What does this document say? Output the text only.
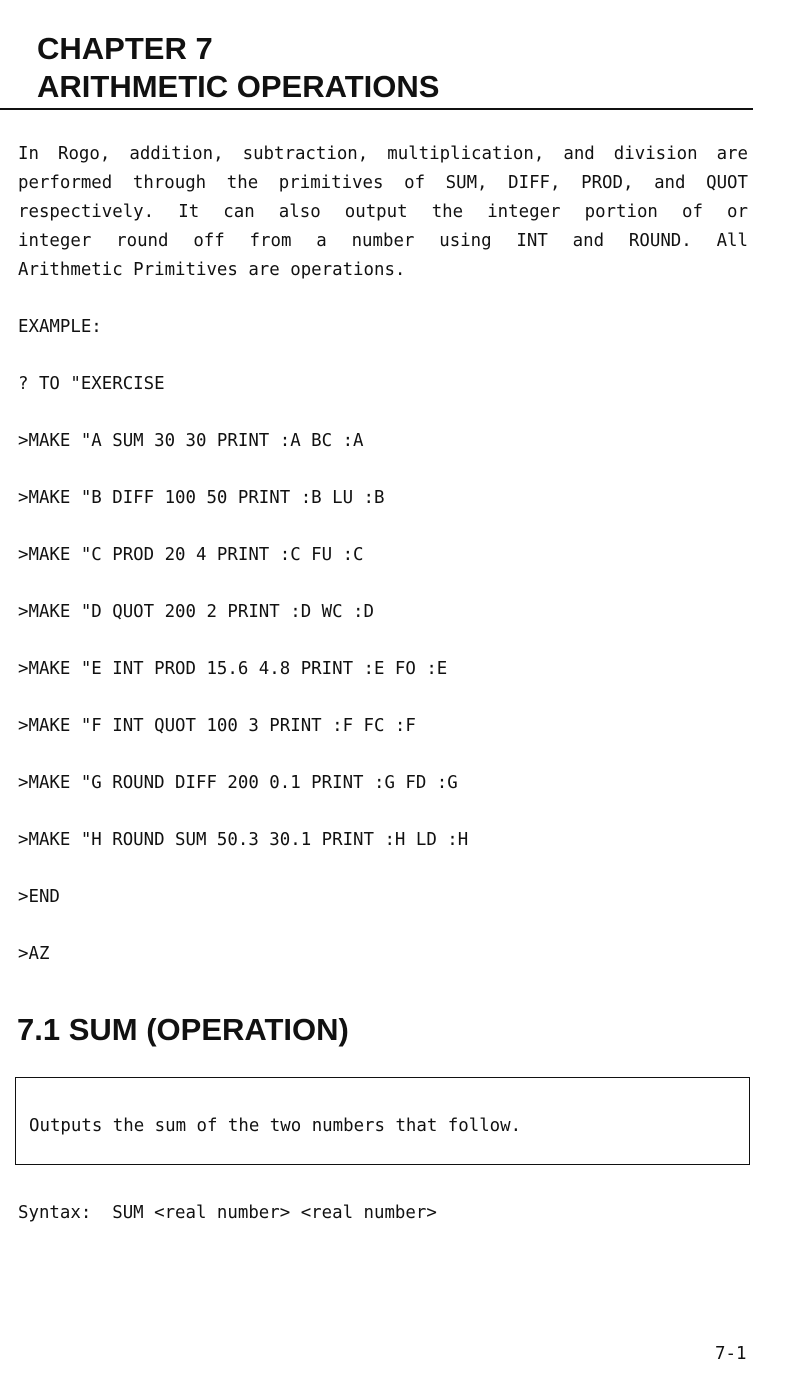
CHAPTER 7
ARITHMETIC OPERATIONS
In Rogo, addition, subtraction, multiplication, and division are
performed through the primitives of SUM, DIFF, PROD, and QUOT
respectively. It can also output the integer portion of or
integer round off from a number using INT and ROUND. All
Arithmetic Primitives are operations.
EXAMPLE:
? TO "EXERCISE
>MAKE "A SUM 30 30 PRINT :A BC :A
>MAKE "B DIFF 100 50 PRINT :B LU :B
>MAKE "C PROD 20 4 PRINT :C FU :C
>MAKE "D QUOT 200 2 PRINT :D WC :D
>MAKE "E INT PROD 15.6 4.8 PRINT :E FO :E
>MAKE "F INT QUOT 100 3 PRINT :F FC :F
>MAKE "G ROUND DIFF 200 0.1 PRINT :G FD :G
>MAKE "H ROUND SUM 50.3 30.1 PRINT :H LD :H
>END
>AZ
7.1 SUM (OPERATION)
Outputs the sum of the two numbers that follow.
Syntax:  SUM <real number> <real number>
7-1
